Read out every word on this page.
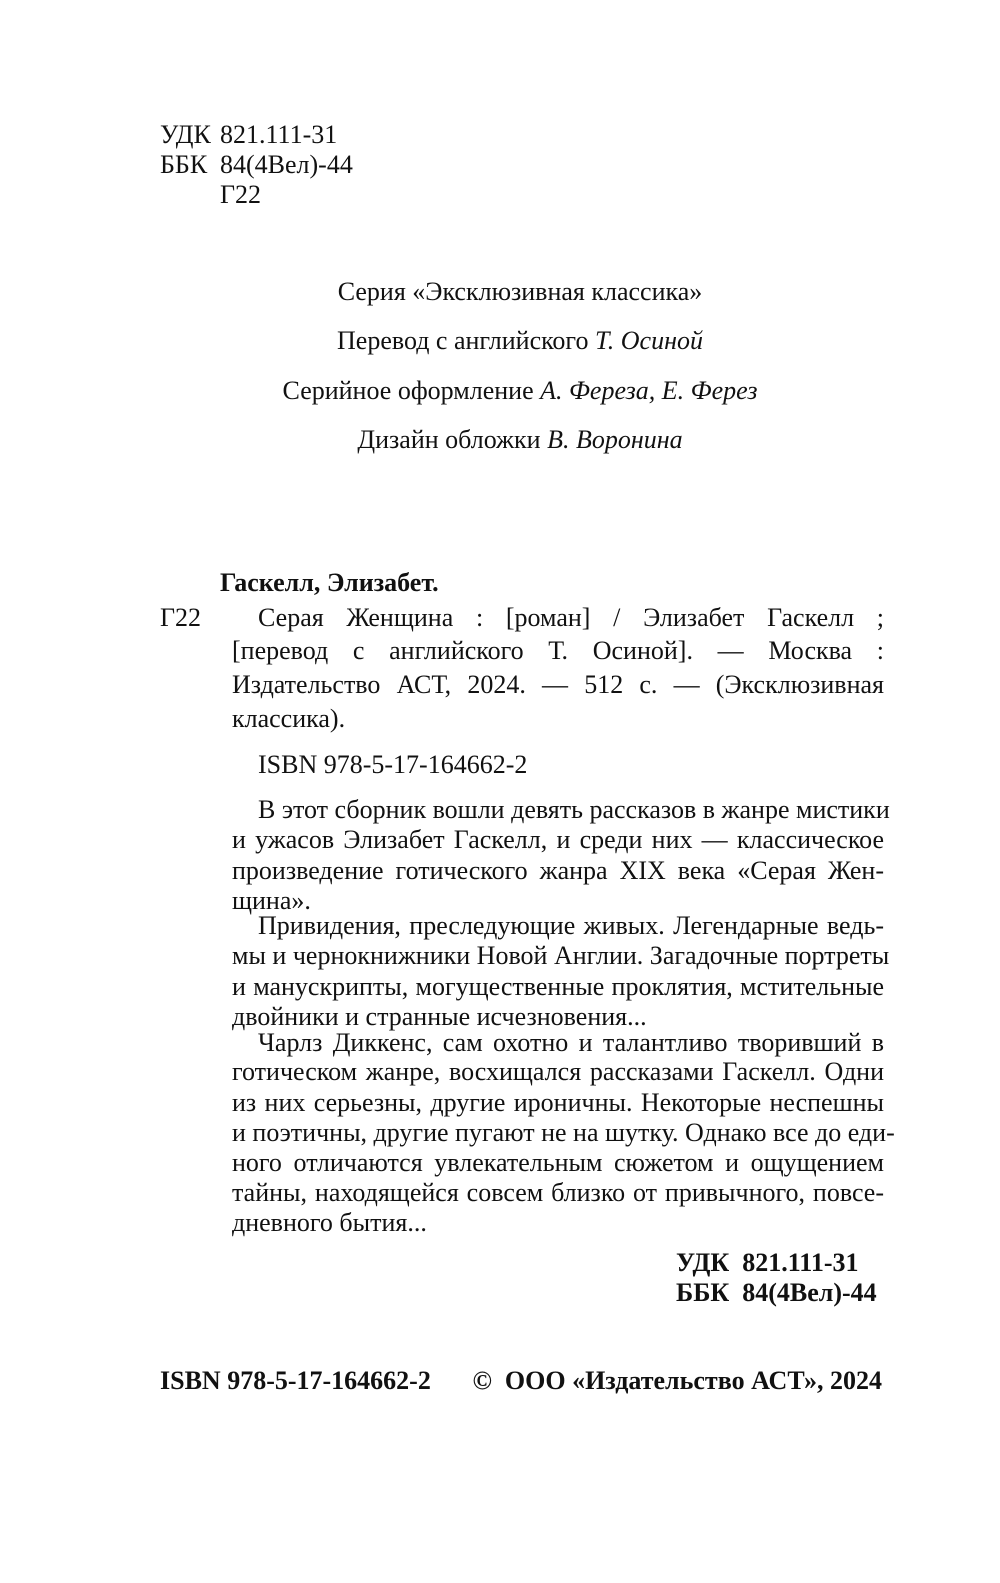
УДК 821.111-31
ББК 84(4Вел)-44
Г22
Серия «Эксклюзивная классика»
Перевод с английского Т. Осиной
Серийное оформление А. Фереза, Е. Ферез
Дизайн обложки В. Воронина
Гаскелл, Элизабет.
Г22 Серая Женщина : [роман] / Элизабет Гаскелл ;
[перевод с английского Т. Осиной]. — Москва :
Издательство АСТ, 2024. — 512 с. — (Эксклюзивная
классика).
ISBN 978-5-17-164662-2
В этот сборник вошли девять рассказов в жанре мистики
и ужасов Элизабет Гаскелл, и среди них — классическое
произведение готического жанра XIX века «Серая Жен-
щина».
Привидения, преследующие живых. Легендарные ведь-
мы и чернокнижники Новой Англии. Загадочные портреты
и манускрипты, могущественные проклятия, мстительные
двойники и странные исчезновения...
Чарлз Диккенс, сам охотно и талантливо творивший в
готическом жанре, восхищался рассказами Гаскелл. Одни
из них серьезны, другие ироничны. Некоторые неспешны
и поэтичны, другие пугают не на шутку. Однако все до еди-
ного отличаются увлекательным сюжетом и ощущением
тайны, находящейся совсем близко от привычного, повсе-
дневного бытия...
УДК  821.111-31
ББК  84(4Вел)-44
ISBN 978-5-17-164662-2 ©  ООО «Издательство АСТ», 2024
